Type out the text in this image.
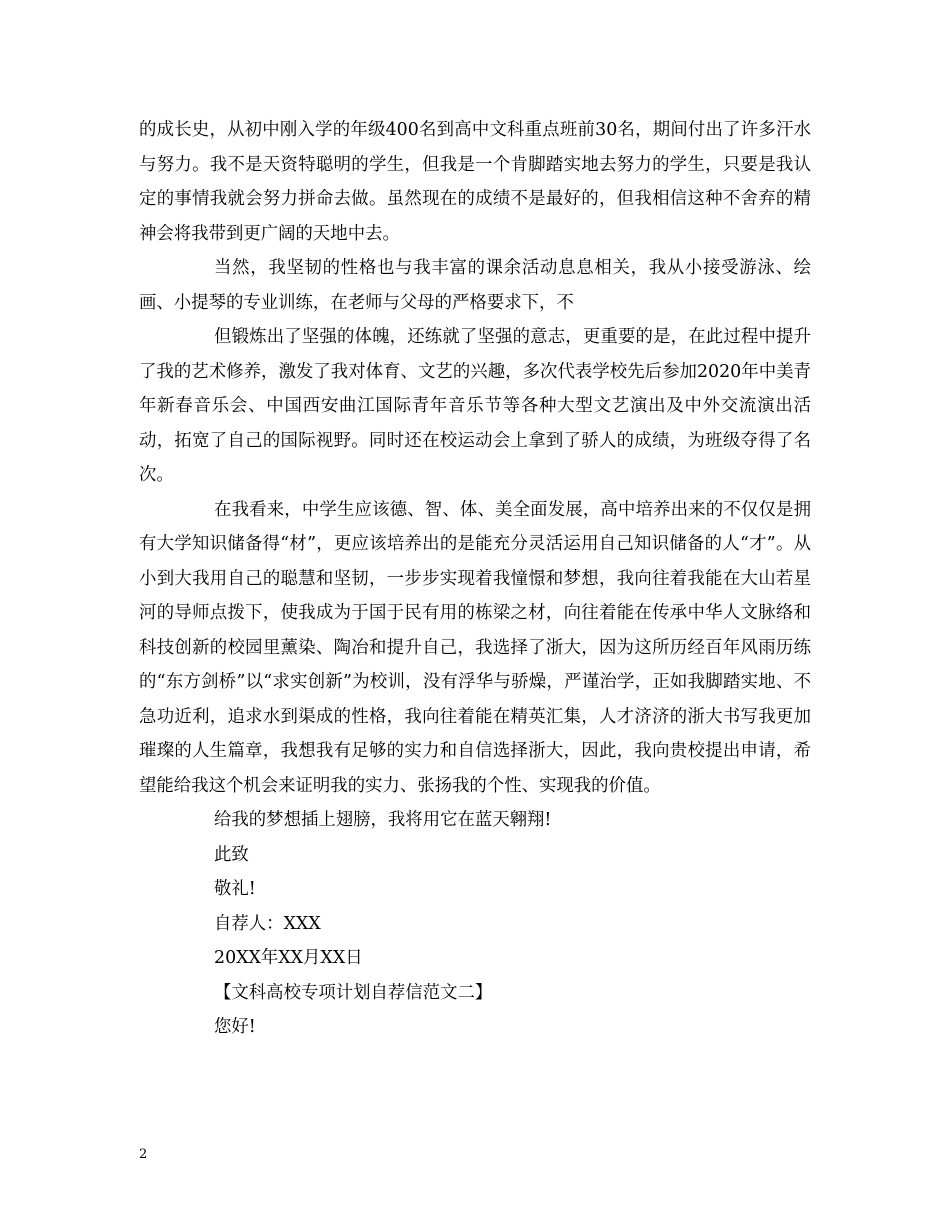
的成长史，从初中刚入学的年级400名到高中文科重点班前30名，期间付出了许多汗水与努力。我不是天资特聪明的学生，但我是一个肯脚踏实地去努力的学生，只要是我认定的事情我就会努力拼命去做。虽然现在的成绩不是最好的，但我相信这种不舍弃的精神会将我带到更广阔的天地中去。

当然，我坚韧的性格也与我丰富的课余活动息息相关，我从小接受游泳、绘画、小提琴的专业训练，在老师与父母的严格要求下，不

但锻炼出了坚强的体魄，还练就了坚强的意志，更重要的是，在此过程中提升了我的艺术修养，激发了我对体育、文艺的兴趣，多次代表学校先后参加2020年中美青年新春音乐会、中国西安曲江国际青年音乐节等各种大型文艺演出及中外交流演出活动，拓宽了自己的国际视野。同时还在校运动会上拿到了骄人的成绩，为班级夺得了名次。

在我看来，中学生应该德、智、体、美全面发展，高中培养出来的不仅仅是拥有大学知识储备得“材”，更应该培养出的是能充分灵活运用自己知识储备的人“才”。从小到大我用自己的聪慧和坚韧，一步步实现着我憧憬和梦想，我向往着我能在大山若星河的导师点拨下，使我成为于国于民有用的栋梁之材，向往着能在传承中华人文脉络和科技创新的校园里薰染、陶冶和提升自己，我选择了浙大，因为这所历经百年风雨历练的“东方剑桥”以“求实创新”为校训，没有浮华与骄燥，严谨治学，正如我脚踏实地、不急功近利，追求水到渠成的性格，我向往着能在精英汇集，人才济济的浙大书写我更加璀璨的人生篇章，我想我有足够的实力和自信选择浙大，因此，我向贵校提出申请，希望能给我这个机会来证明我的实力、张扬我的个性、实现我的价值。

给我的梦想插上翅膀，我将用它在蓝天翱翔!

此致

敬礼!

自荐人：XXX

20XX年XX月XX日

【文科高校专项计划自荐信范文二】

您好!

2
